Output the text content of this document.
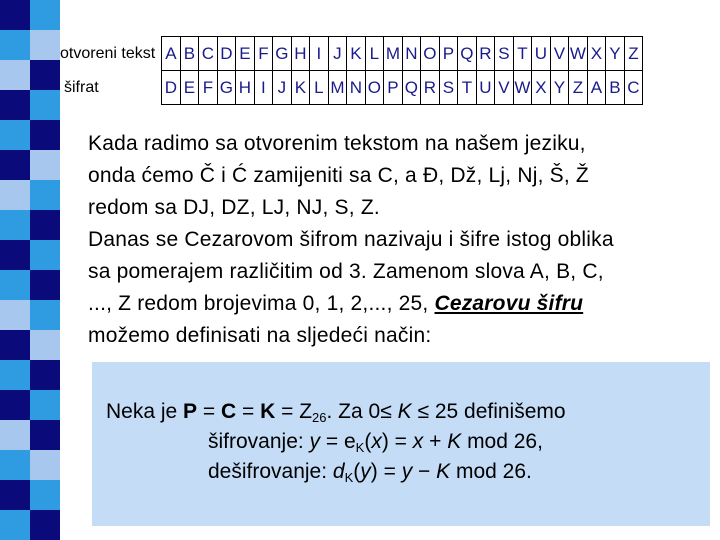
otvoreni tekst	A	B	C	D	E	F	G	H	I	J	K	L	M	N	O	P	Q	R	S	T	U	V	W	X	Y	Z
šifrat	D	E	F	G	H	I	J	K	L	M	N	O	P	Q	R	S	T	U	V	W	X	Y	Z	A	B	C
Kada radimo sa otvorenim tekstom na našem jeziku,
onda ćemo Č i Ć zamijeniti sa C, a Đ, Dž, Lj, Nj, Š, Ž
redom sa DJ, DZ, LJ, NJ, S, Z.
Danas se Cezarovom šifrom nazivaju i šifre istog oblika
sa pomerajem različitim od 3. Zamenom slova A, B, C,
..., Z redom brojevima 0, 1, 2,..., 25, Cezarovu šifru
možemo definisati na sljedeći način:
Neka je $P = C = K = Z_{26}$. Za 0≤ K ≤ 25 definišemo
šifrovanje: $y = e_K(x) = x + K$ mod 26,
dešifrovanje: $d_K(y) = y - K$ mod 26.
